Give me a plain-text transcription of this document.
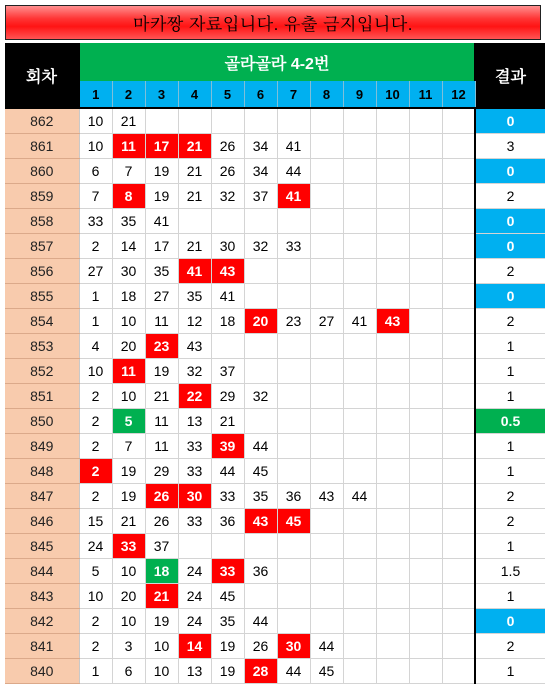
마카짱 자료입니다. 유출 금지입니다.
회차	골라골라 4-2번												결과
	1	2	3	4	5	6	7	8	9	10	11	12	

862	10	21											0
861	10	11	17	21	26	34	41						3
860	6	7	19	21	26	34	44						0
859	7	8	19	21	32	37	41						2
858	33	35	41										0
857	2	14	17	21	30	32	33						0
856	27	30	35	41	43								2
855	1	18	27	35	41								0
854	1	10	11	12	18	20	23	27	41	43			2
853	4	20	23	43									1
852	10	11	19	32	37								1
851	2	10	21	22	29	32							1
850	2	5	11	13	21								0.5
849	2	7	11	33	39	44							1
848	2	19	29	33	44	45							1
847	2	19	26	30	33	35	36	43	44				2
846	15	21	26	33	36	43	45						2
845	24	33	37										1
844	5	10	18	24	33	36							1.5
843	10	20	21	24	45								1
842	2	10	19	24	35	44							0
841	2	3	10	14	19	26	30	44					2
840	1	6	10	13	19	28	44	45					1
